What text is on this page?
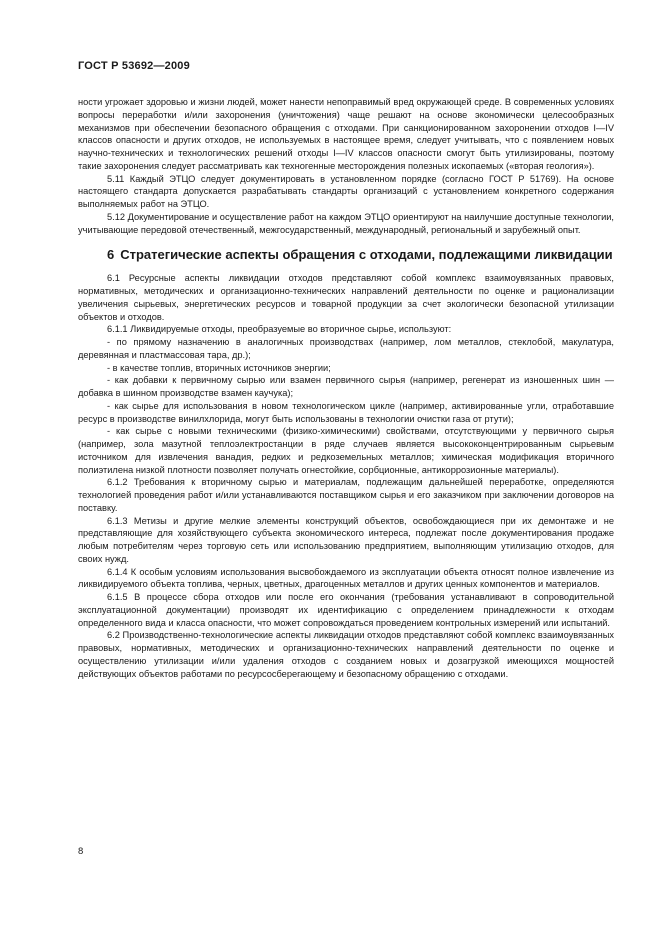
ГОСТ Р 53692—2009

ности угрожает здоровью и жизни людей, может нанести непоправимый вред окружающей среде. В современных условиях вопросы переработки и/или захоронения (уничтожения) чаще решают на основе экономически целесообразных механизмов при обеспечении безопасного обращения с отходами. При санкционированном захоронении отходов I—IV классов опасности и других отходов, не используемых в настоящее время, следует учитывать, что с появлением новых научно-технических и технологических решений отходы I—IV классов опасности смогут быть утилизированы, поэтому такие захоронения следует рассматривать как техногенные месторождения полезных ископаемых («вторая геология»).

5.11 Каждый ЭТЦО следует документировать в установленном порядке (согласно ГОСТ Р 51769). На основе настоящего стандарта допускается разрабатывать стандарты организаций с установлением конкретного содержания выполняемых работ на ЭТЦО.

5.12 Документирование и осуществление работ на каждом ЭТЦО ориентируют на наилучшие доступные технологии, учитывающие передовой отечественный, межгосударственный, международный, региональный и зарубежный опыт.

6 Стратегические аспекты обращения с отходами, подлежащими ликвидации

6.1 Ресурсные аспекты ликвидации отходов представляют собой комплекс взаимоувязанных правовых, нормативных, методических и организационно-технических направлений деятельности по оценке и рационализации увеличения сырьевых, энергетических ресурсов и товарной продукции за счет экологически безопасной утилизации объектов и отходов.

6.1.1 Ликвидируемые отходы, преобразуемые во вторичное сырье, используют:

- по прямому назначению в аналогичных производствах (например, лом металлов, стеклобой, макулатура, деревянная и пластмассовая тара, др.);

- в качестве топлив, вторичных источников энергии;

- как добавки к первичному сырью или взамен первичного сырья (например, регенерат из изношенных шин — добавка в шинном производстве взамен каучука);

- как сырье для использования в новом технологическом цикле (например, активированные угли, отработавшие ресурс в производстве винилхлорида, могут быть использованы в технологии очистки газа от ртути);

- как сырье с новыми техническими (физико-химическими) свойствами, отсутствующими у первичного сырья (например, зола мазутной теплоэлектростанции в ряде случаев является высококонцентрированным сырьевым источником для извлечения ванадия, редких и редкоземельных металлов; химическая модификация вторичного полиэтилена низкой плотности позволяет получать огнестойкие, сорбционные, антикоррозионные материалы).

6.1.2 Требования к вторичному сырью и материалам, подлежащим дальнейшей переработке, определяются технологией проведения работ и/или устанавливаются поставщиком сырья и его заказчиком при заключении договоров на поставку.

6.1.3 Метизы и другие мелкие элементы конструкций объектов, освобождающиеся при их демонтаже и не представляющие для хозяйствующего субъекта экономического интереса, подлежат после документирования продаже любым потребителям через торговую сеть или использованию предприятием, выполняющим утилизацию отходов, для своих нужд.

6.1.4 К особым условиям использования высвобождаемого из эксплуатации объекта относят полное извлечение из ликвидируемого объекта топлива, черных, цветных, драгоценных металлов и других ценных компонентов и материалов.

6.1.5 В процессе сбора отходов или после его окончания (требования устанавливают в сопроводительной эксплуатационной документации) производят их идентификацию с определением принадлежности к отходам определенного вида и класса опасности, что может сопровождаться проведением контрольных измерений или испытаний.

6.2 Производственно-технологические аспекты ликвидации отходов представляют собой комплекс взаимоувязанных правовых, нормативных, методических и организационно-технических направлений деятельности по оценке и осуществлению утилизации и/или удаления отходов с созданием новых и дозагрузкой имеющихся мощностей действующих объектов работами по ресурсосберегающему и безопасному обращению с отходами.

8
